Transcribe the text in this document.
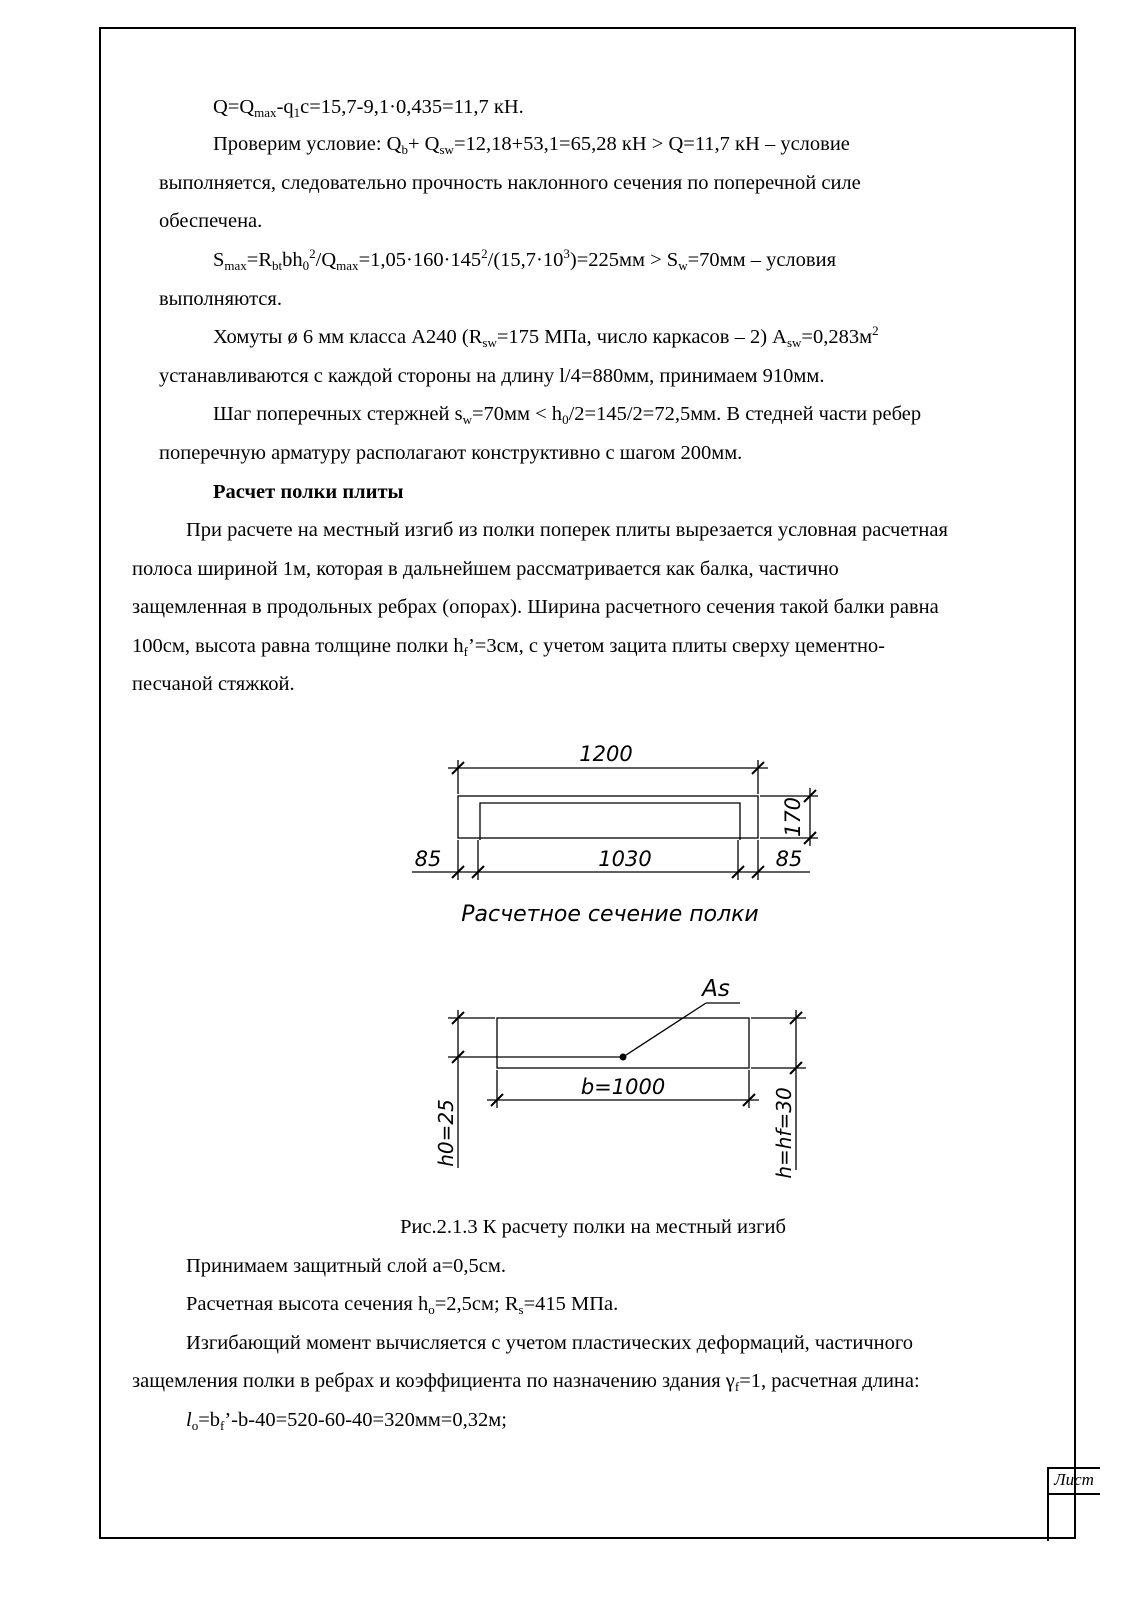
Лист
$Q=Q_{max}-q_1c=15,7-9,1\cdot 0,435=11,7$ кН.
Проверим условие: $Q_b+ Q_{sw}=12,18+53,1=65,28$ кН > Q=11,7 кН – условие
выполняется, следовательно прочность наклонного сечения по поперечной силе
обеспечена.
$S_{max}=R_{bt}bh_0^2/Q_{max}=1,05\cdot 160\cdot 145^2/(15,7\cdot 10^3)=225мм > S_w=70мм$ – условия
выполняются.
Хомуты ø 6 мм класса А240 ($R_{sw}=175$ МПа, число каркасов – 2) $A_{sw}=0,283м^2$
устанавливаются с каждой стороны на длину l/4=880мм, принимаем 910мм.
Шаг поперечных стержней $s_w=70мм < h_0/2=145/2=72,5мм$. В стедней части ребер
поперечную арматуру располагают конструктивно с шагом 200мм.
Расчет полки плиты
При расчете на местный изгиб из полки поперек плиты вырезается условная расчетная
полоса шириной 1м, которая в дальнейшем рассматривается как балка, частично
защемленная в продольных ребрах (опорах). Ширина расчетного сечения такой балки равна
100см, высота равна толщине полки $h_f’=3см$, с учетом зацита плиты сверху цементно-
песчаной стяжкой.
1200
170
85	1030	85
Расчетное сечение полки
As
b=1000
h0=25	h=hf=30
Рис.2.1.3 К расчету полки на местный изгиб
Принимаем защитный слой а=0,5см.
Расчетная высота сечения $h_o=2,5см$; $R_s=415$ МПа.
Изгибающий момент вычисляется с учетом пластических деформаций, частичного
защемления полки в ребрах и коэффициента по назначению здания $\gamma_f=1$, расчетная длина:
$l_o=b_f’-b-40=520-60-40=320мм=0,32м$;
